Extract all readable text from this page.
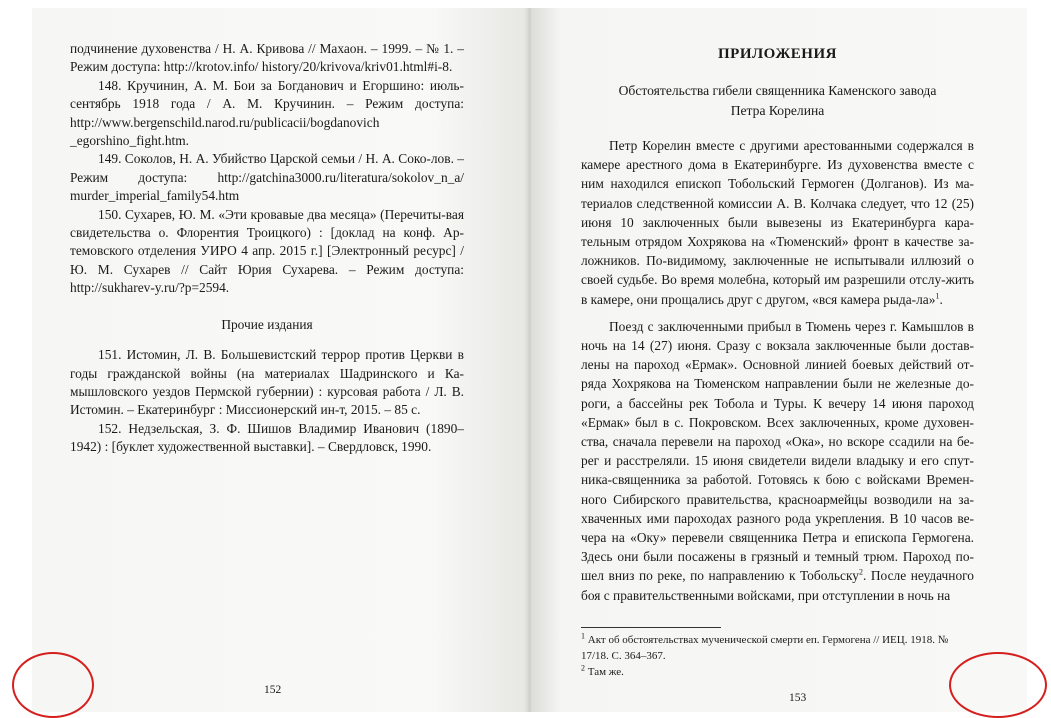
подчинение духовенства / Н. А. Кривова // Махаон. – 1999. – № 1. – Режим доступа: http://krotov.info/ history/20/krivova/kriv01.html#i-8.

148. Кручинин, А. М. Бои за Богданович и Егоршино: июль-сентябрь 1918 года / А. М. Кручинин. – Режим доступа: http://www.bergenschild.narod.ru/publicacii/bogdanovich _egorshino_fight.htm.

149. Соколов, Н. А. Убийство Царской семьи / Н. А. Соко-лов. – Режим доступа: http://gatchina3000.ru/literatura/sokolov_n_a/ murder_imperial_family54.htm

150. Сухарев, Ю. М. «Эти кровавые два месяца» (Перечиты-вая свидетельства о. Флорентия Троицкого) : [доклад на конф. Ар-темовского отделения УИРО 4 апр. 2015 г.] [Электронный ресурс] / Ю. М. Сухарев // Сайт Юрия Сухарева. – Режим доступа: http://sukharev-y.ru/?p=2594.

Прочие издания

151. Истомин, Л. В. Большевистский террор против Церкви в годы гражданской войны (на материалах Шадринского и Ка-мышловского уездов Пермской губернии) : курсовая работа / Л. В. Истомин. – Екатеринбург : Миссионерский ин-т, 2015. – 85 с.

152. Недзельская, З. Ф. Шишов Владимир Иванович (1890–1942) : [буклет художественной выставки]. – Свердловск, 1990.

152
ПРИЛОЖЕНИЯ
Обстоятельства гибели священника Каменского завода
Петра Корелина

Петр Корелин вместе с другими арестованными содержался в камере арестного дома в Екатеринбурге. Из духовенства вместе с ним находился епископ Тобольский Гермоген (Долганов). Из ма-териалов следственной комиссии А. В. Колчака следует, что 12 (25) июня 10 заключенных были вывезены из Екатеринбурга кара-тельным отрядом Хохрякова на «Тюменский» фронт в качестве за-ложников. По-видимому, заключенные не испытывали иллюзий о своей судьбе. Во время молебна, который им разрешили отслу-жить в камере, они прощались друг с другом, «вся камера рыда-ла»$^1$.

Поезд с заключенными прибыл в Тюмень через г. Камышлов в ночь на 14 (27) июня. Сразу с вокзала заключенные были достав-лены на пароход «Ермак». Основной линией боевых действий от-ряда Хохрякова на Тюменском направлении были не железные до-роги, а бассейны рек Тобола и Туры. К вечеру 14 июня пароход «Ермак» был в с. Покровском. Всех заключенных, кроме духовен-ства, сначала перевели на пароход «Ока», но вскоре ссадили на бе-рег и расстреляли. 15 июня свидетели видели владыку и его спут-ника-священника за работой. Готовясь к бою с войсками Времен-ного Сибирского правительства, красноармейцы возводили на за-хваченных ими пароходах разного рода укрепления. В 10 часов ве-чера на «Оку» перевели священника Петра и епископа Гермогена. Здесь они были посажены в грязный и темный трюм. Пароход по-шел вниз по реке, по направлению к Тобольску$^2$. После неудачного боя с правительственными войсками, при отступлении в ночь на

$^1$ Акт об обстоятельствах мученической смерти еп. Гермогена // ИЕЦ. 1918. № 17/18. С. 364–367.
$^2$ Там же.
153
